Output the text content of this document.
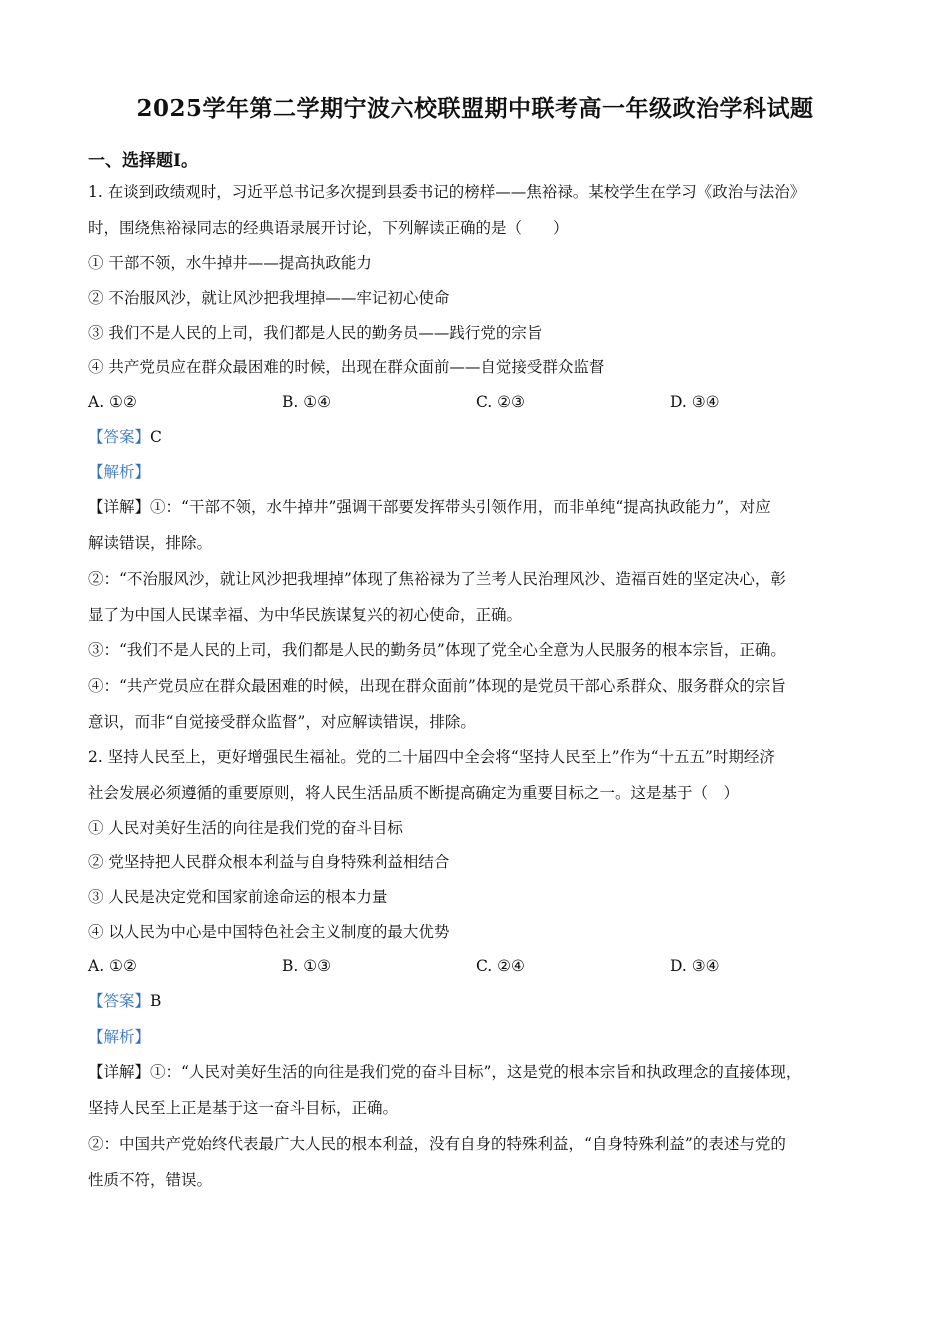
2025学年第二学期宁波六校联盟期中联考高一年级政治学科试题
一、选择题Ⅰ。
1. 在谈到政绩观时，习近平总书记多次提到县委书记的榜样——焦裕禄。某校学生在学习《政治与法治》
时，围绕焦裕禄同志的经典语录展开讨论，下列解读正确的是（　　）
① 干部不领，水牛掉井——提高执政能力
② 不治服风沙，就让风沙把我埋掉——牢记初心使命
③ 我们不是人民的上司，我们都是人民的勤务员——践行党的宗旨
④ 共产党员应在群众最困难的时候，出现在群众面前——自觉接受群众监督
A. ①②	B. ①④	C. ②③	D. ③④
【答案】C
【解析】
【详解】①：“干部不领，水牛掉井”强调干部要发挥带头引领作用，而非单纯“提高执政能力”，对应
解读错误，排除。
②：“不治服风沙，就让风沙把我埋掉”体现了焦裕禄为了兰考人民治理风沙、造福百姓的坚定决心，彰
显了为中国人民谋幸福、为中华民族谋复兴的初心使命，正确。
③：“我们不是人民的上司，我们都是人民的勤务员”体现了党全心全意为人民服务的根本宗旨，正确。
④：“共产党员应在群众最困难的时候，出现在群众面前”体现的是党员干部心系群众、服务群众的宗旨
意识，而非“自觉接受群众监督”，对应解读错误，排除。
2. 坚持人民至上，更好增强民生福祉。党的二十届四中全会将“坚持人民至上”作为“十五五”时期经济
社会发展必须遵循的重要原则，将人民生活品质不断提高确定为重要目标之一。这是基于（　）
① 人民对美好生活的向往是我们党的奋斗目标
② 党坚持把人民群众根本利益与自身特殊利益相结合
③ 人民是决定党和国家前途命运的根本力量
④ 以人民为中心是中国特色社会主义制度的最大优势
A. ①②	B. ①③	C. ②④	D. ③④
【答案】B
【解析】
【详解】①：“人民对美好生活的向往是我们党的奋斗目标”，这是党的根本宗旨和执政理念的直接体现，
坚持人民至上正是基于这一奋斗目标，正确。
②：中国共产党始终代表最广大人民的根本利益，没有自身的特殊利益，“自身特殊利益”的表述与党的
性质不符，错误。
